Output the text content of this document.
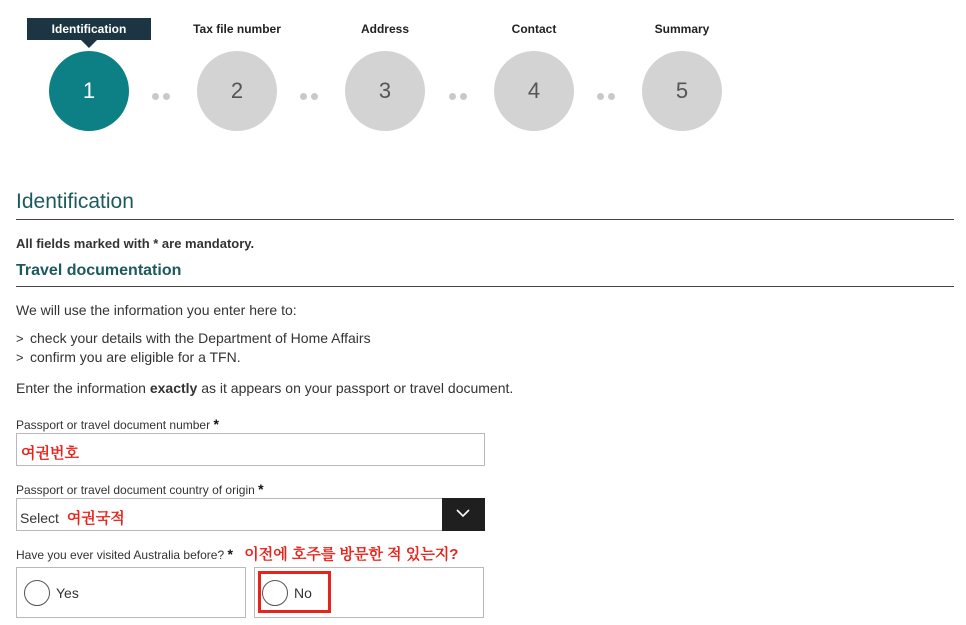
Identification	Tax file number	Address	Contact	Summary
1	2	3	4	5
Identification
All fields marked with * are mandatory.
Travel documentation
We will use the information you enter here to:
> check your details with the Department of Home Affairs
> confirm you are eligible for a TFN.
Enter the information exactly as it appears on your passport or travel document.
Passport or travel document number *
여권번호
Passport or travel document country of origin *
Select 여권국적
Have you ever visited Australia before? * 이전에 호주를 방문한 적 있는지?
Yes	No
